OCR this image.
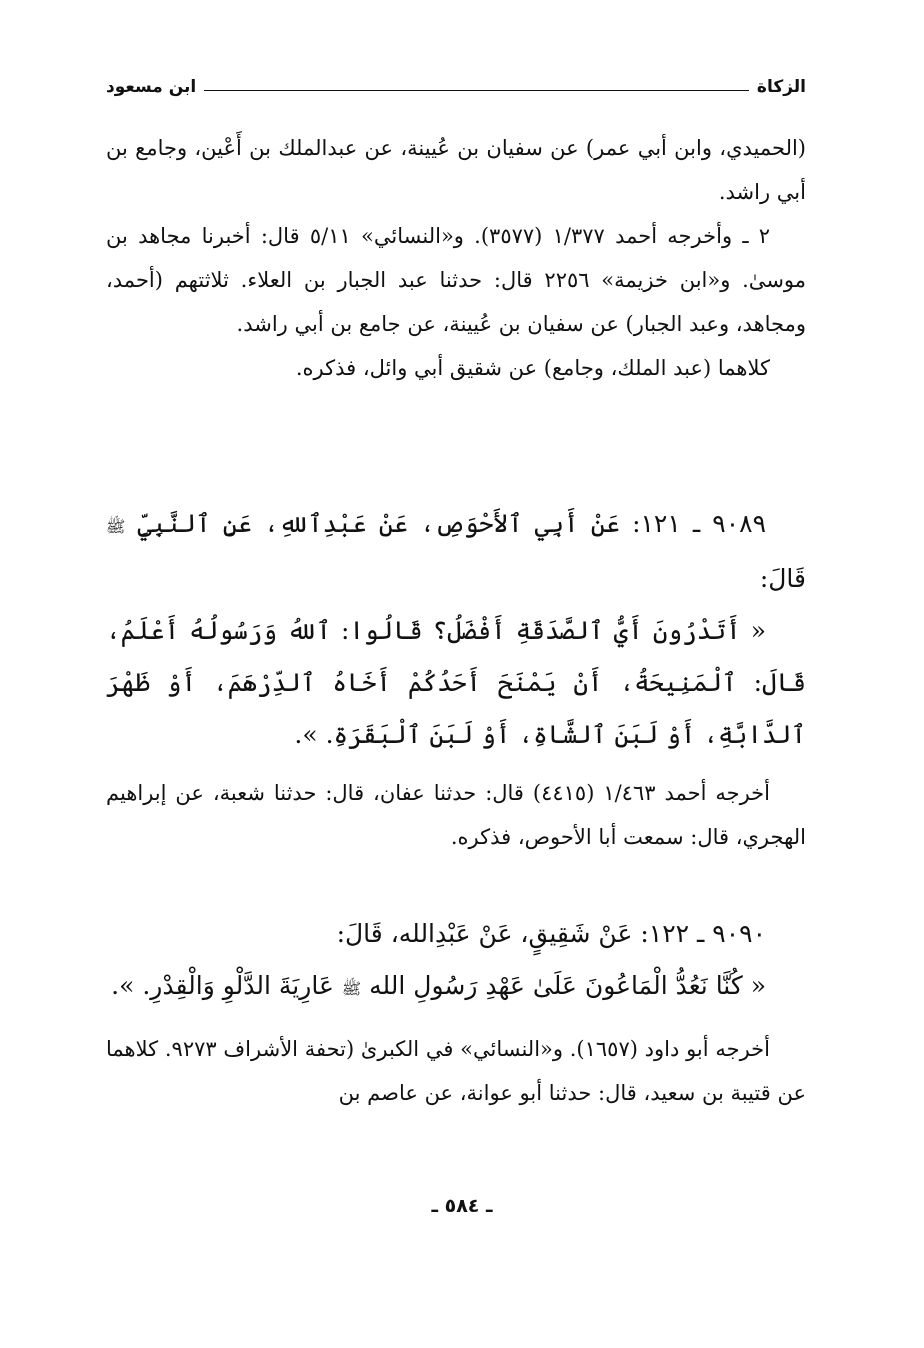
الزكاة
ابن مسعود

(الحميدي، وابن أبي عمر) عن سفيان بن عُيينة، عن عبدالملك بن أَعْين، وجامع بن أبي راشد.

٢ ـ وأخرجه أحمد ١/٣٧٧ (٣٥٧٧). و«النسائي» ٥/١١ قال: أخبرنا مجاهد بن موسىٰ. و«ابن خزيمة» ٢٢٥٦ قال: حدثنا عبد الجبار بن العلاء. ثلاثتهم (أحمد، ومجاهد، وعبد الجبار) عن سفيان بن عُيينة، عن جامع بن أبي راشد.

كلاهما (عبد الملك، وجامع) عن شقيق أبي وائل، فذكره.

٩٠٨٩ ـ ١٢١: عَنْ أَبِي ٱلأَحْوَصِ، عَنْ عَبْدِٱللهِ، عَنِ ٱلنَّبِيِّ ﷺ قَالَ:

« أَتَدْرُونَ أَيُّ ٱلصَّدَقَةِ أَفْضَلُ؟ قَالُوا: ٱللهُ وَرَسُولُهُ أَعْلَمُ، قَالَ: ٱلْمَنِيحَةُ، أَنْ يَمْنَحَ أَحَدُكُمْ أَخَاهُ ٱلدِّرْهَمَ، أَوْ ظَهْرَ ٱلدَّابَّةِ، أَوْ لَبَنَ ٱلشَّاةِ، أَوْ لَبَنَ ٱلْبَقَرَةِ. ».

أخرجه أحمد ١/٤٦٣ (٤٤١٥) قال: حدثنا عفان، قال: حدثنا شعبة، عن إبراهيم الهجري، قال: سمعت أبا الأحوص، فذكره.

٩٠٩٠ ـ ١٢٢: عَنْ شَقِيقٍ، عَنْ عَبْدِالله، قَالَ:

« كُنَّا نَعُدُّ الْمَاعُونَ عَلَىٰ عَهْدِ رَسُولِ الله ﷺ عَارِيَةَ الدَّلْوِ وَالْقِدْرِ. ».

أخرجه أبو داود (١٦٥٧). و«النسائي» في الكبرىٰ (تحفة الأشراف ٩٢٧٣. كلاهما عن قتيبة بن سعيد، قال: حدثنا أبو عوانة، عن عاصم بن

ـ ٥٨٤ ـ
